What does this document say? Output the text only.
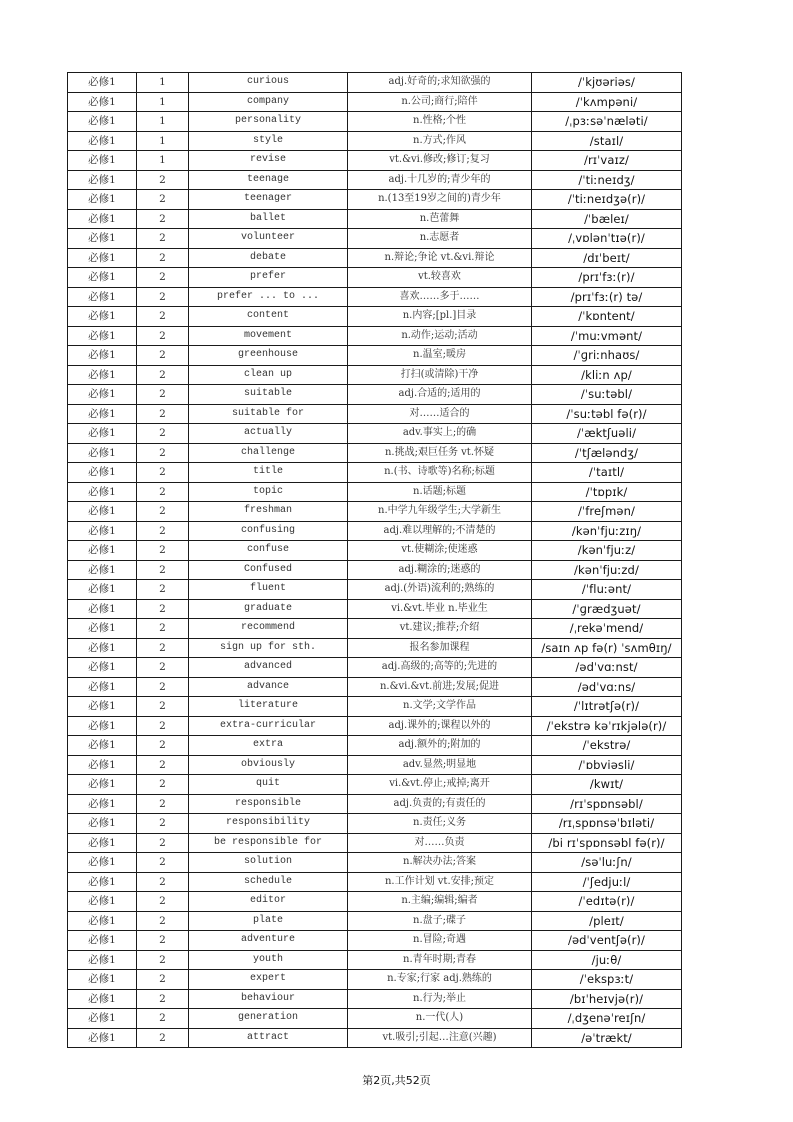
必修1	1	curious	adj.好奇的;求知欲强的	/ˈkjʊəriəs/
必修1	1	company	n.公司;商行;陪伴	/ˈkʌmpəni/
必修1	1	personality	n.性格;个性	/ˌpɜːsəˈnæləti/
必修1	1	style	n.方式;作风	/staɪl/
必修1	1	revise	vt.&vi.修改;修订;复习	/rɪˈvaɪz/
必修1	2	teenage	adj.十几岁的;青少年的	/ˈtiːneɪdʒ/
必修1	2	teenager	n.(13至19岁之间的)青少年	/ˈtiːneɪdʒə(r)/
必修1	2	ballet	n.芭蕾舞	/ˈbæleɪ/
必修1	2	volunteer	n.志愿者	/ˌvɒlənˈtɪə(r)/
必修1	2	debate	n.辩论;争论 vt.&vi.辩论	/dɪˈbeɪt/
必修1	2	prefer	vt.较喜欢	/prɪˈfɜː(r)/
必修1	2	prefer ... to ...	喜欢……多于……	/prɪˈfɜː(r) tə/
必修1	2	content	n.内容;[pl.]目录	/ˈkɒntent/
必修1	2	movement	n.动作;运动;活动	/ˈmuːvmənt/
必修1	2	greenhouse	n.温室;暖房	/ˈɡriːnhaʊs/
必修1	2	clean up	打扫(或清除)干净	/kliːn ʌp/
必修1	2	suitable	adj.合适的;适用的	/ˈsuːtəbl/
必修1	2	suitable for	对……适合的	/ˈsuːtəbl fə(r)/
必修1	2	actually	adv.事实上;的确	/ˈæktʃuəli/
必修1	2	challenge	n.挑战;艰巨任务 vt.怀疑	/ˈtʃæləndʒ/
必修1	2	title	n.(书、诗歌等)名称;标题	/ˈtaɪtl/
必修1	2	topic	n.话题;标题	/ˈtɒpɪk/
必修1	2	freshman	n.中学九年级学生;大学新生	/ˈfreʃmən/
必修1	2	confusing	adj.难以理解的;不清楚的	/kənˈfjuːzɪŋ/
必修1	2	confuse	vt.使糊涂;使迷惑	/kənˈfjuːz/
必修1	2	Confused	adj.糊涂的;迷惑的	/kənˈfjuːzd/
必修1	2	fluent	adj.(外语)流利的;熟练的	/ˈfluːənt/
必修1	2	graduate	vi.&vt.毕业 n.毕业生	/ˈɡrædʒuət/
必修1	2	recommend	vt.建议;推荐;介绍	/ˌrekəˈmend/
必修1	2	sign up for sth.	报名参加课程	/saɪn ʌp fə(r) ˈsʌmθɪŋ/
必修1	2	advanced	adj.高级的;高等的;先进的	/ədˈvɑːnst/
必修1	2	advance	n.&vi.&vt.前进;发展;促进	/ədˈvɑːns/
必修1	2	literature	n.文学;文学作品	/ˈlɪtrətʃə(r)/
必修1	2	extra-curricular	adj.课外的;课程以外的	/ˈekstrə kəˈrɪkjələ(r)/
必修1	2	extra	adj.额外的;附加的	/ˈekstrə/
必修1	2	obviously	adv.显然;明显地	/ˈɒbviəsli/
必修1	2	quit	vi.&vt.停止;戒掉;离开	/kwɪt/
必修1	2	responsible	adj.负责的;有责任的	/rɪˈspɒnsəbl/
必修1	2	responsibility	n.责任;义务	/rɪˌspɒnsəˈbɪləti/
必修1	2	be responsible for	对……负责	/bi rɪˈspɒnsəbl fə(r)/
必修1	2	solution	n.解决办法;答案	/səˈluːʃn/
必修1	2	schedule	n.工作计划 vt.安排;预定	/ˈʃedjuːl/
必修1	2	editor	n.主编;编辑;编者	/ˈedɪtə(r)/
必修1	2	plate	n.盘子;碟子	/pleɪt/
必修1	2	adventure	n.冒险;奇遇	/ədˈventʃə(r)/
必修1	2	youth	n.青年时期;青春	/juːθ/
必修1	2	expert	n.专家;行家 adj.熟练的	/ˈekspɜːt/
必修1	2	behaviour	n.行为;举止	/bɪˈheɪvjə(r)/
必修1	2	generation	n.一代(人)	/ˌdʒenəˈreɪʃn/
必修1	2	attract	vt.吸引;引起…注意(兴趣)	/əˈtrækt/
第2页,共52页
